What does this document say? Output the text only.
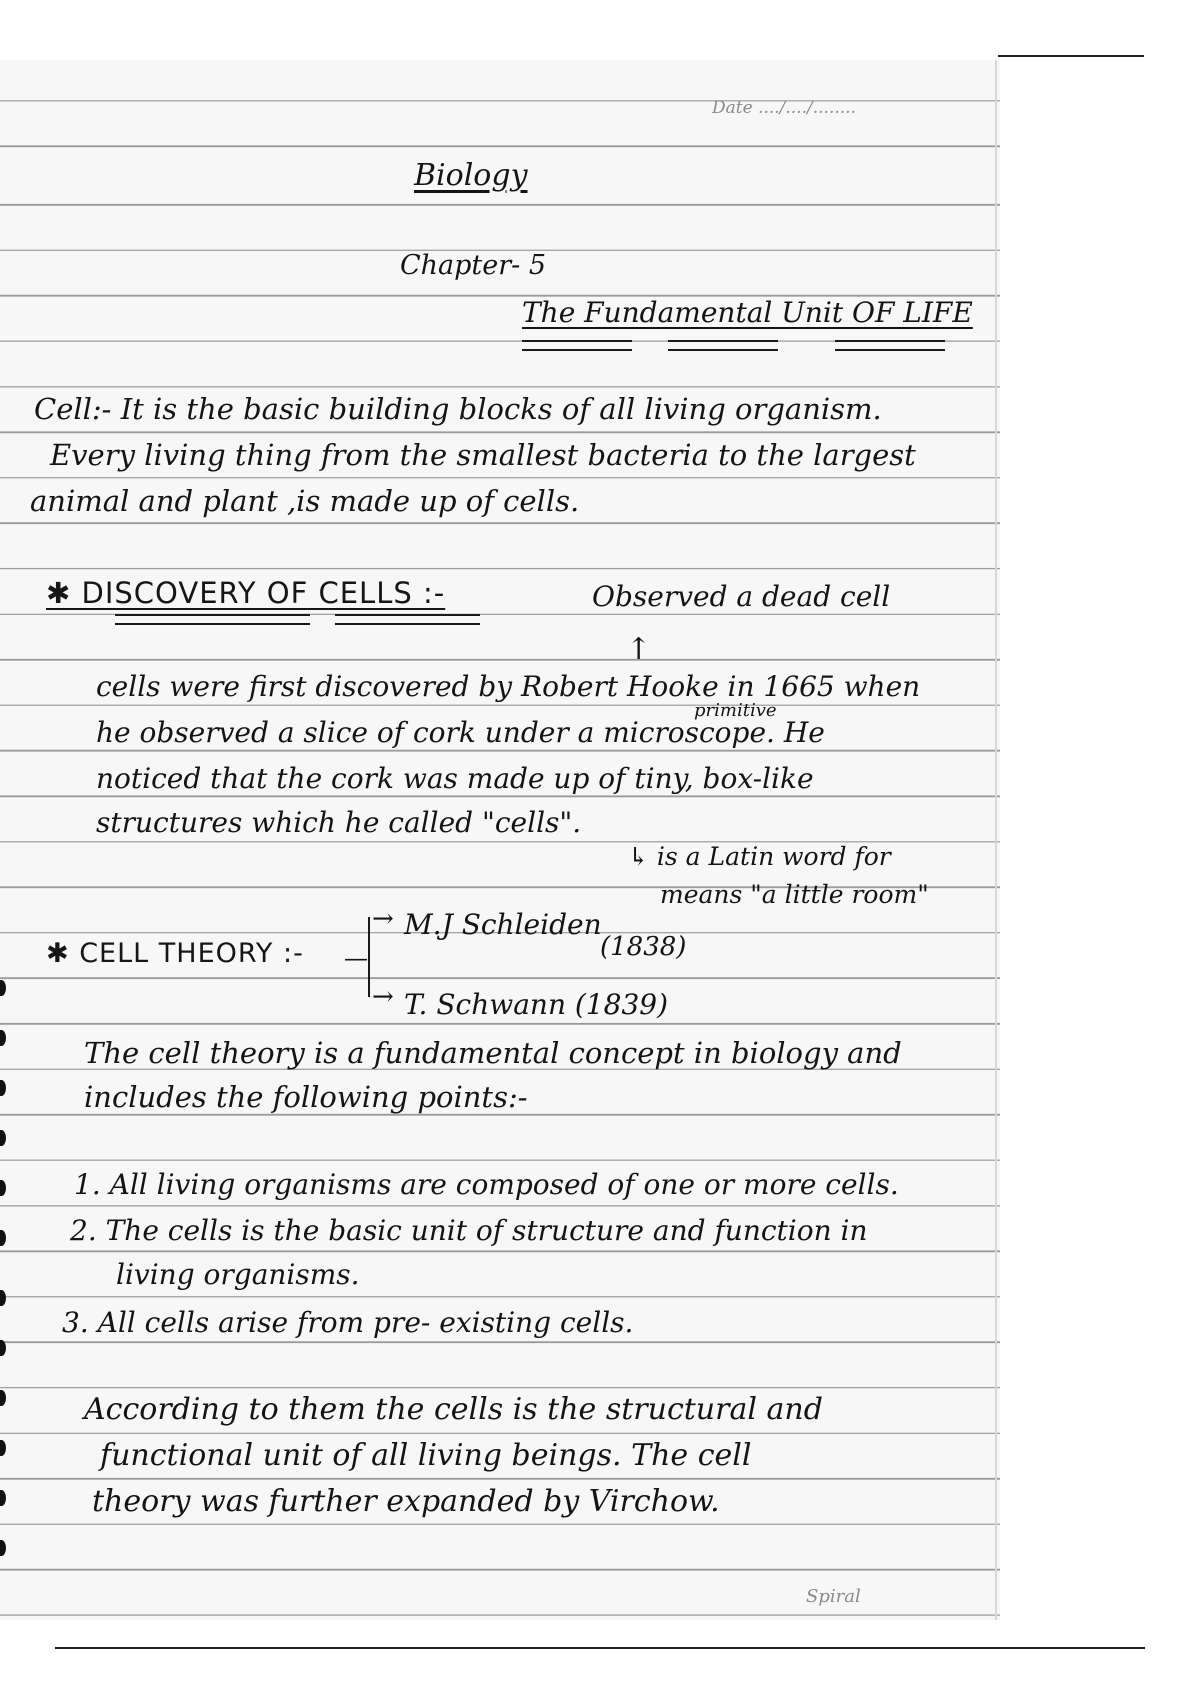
Date ..../..../........
Biology
Chapter- 5
The Fundamental Unit OF LIFE
Cell:- It is the basic building blocks of all living organism.
Every living thing from the smallest bacteria to the largest
animal and plant ,is made up of cells.
✱ DISCOVERY OF CELLS :-	Observed a dead cell
↑
cells were first discovered by Robert Hooke in 1665 when
primitive
he observed a slice of cork under a microscope. He
noticed that the cork was made up of tiny, box-like
structures which he called "cells".
↳ is a Latin word for
means "a little room"
✱ CELL THEORY :- —
→
→
M.J Schleiden
(1838)
T. Schwann (1839)
The cell theory is a fundamental concept in biology and
includes the following points:-
1. All living organisms are composed of one or more cells.
2. The cells is the basic unit of structure and function in
living organisms.
3. All cells arise from pre- existing cells.
According to them the cells is the structural and
functional unit of all living beings. The cell
theory was further expanded by Virchow.
Spiral
